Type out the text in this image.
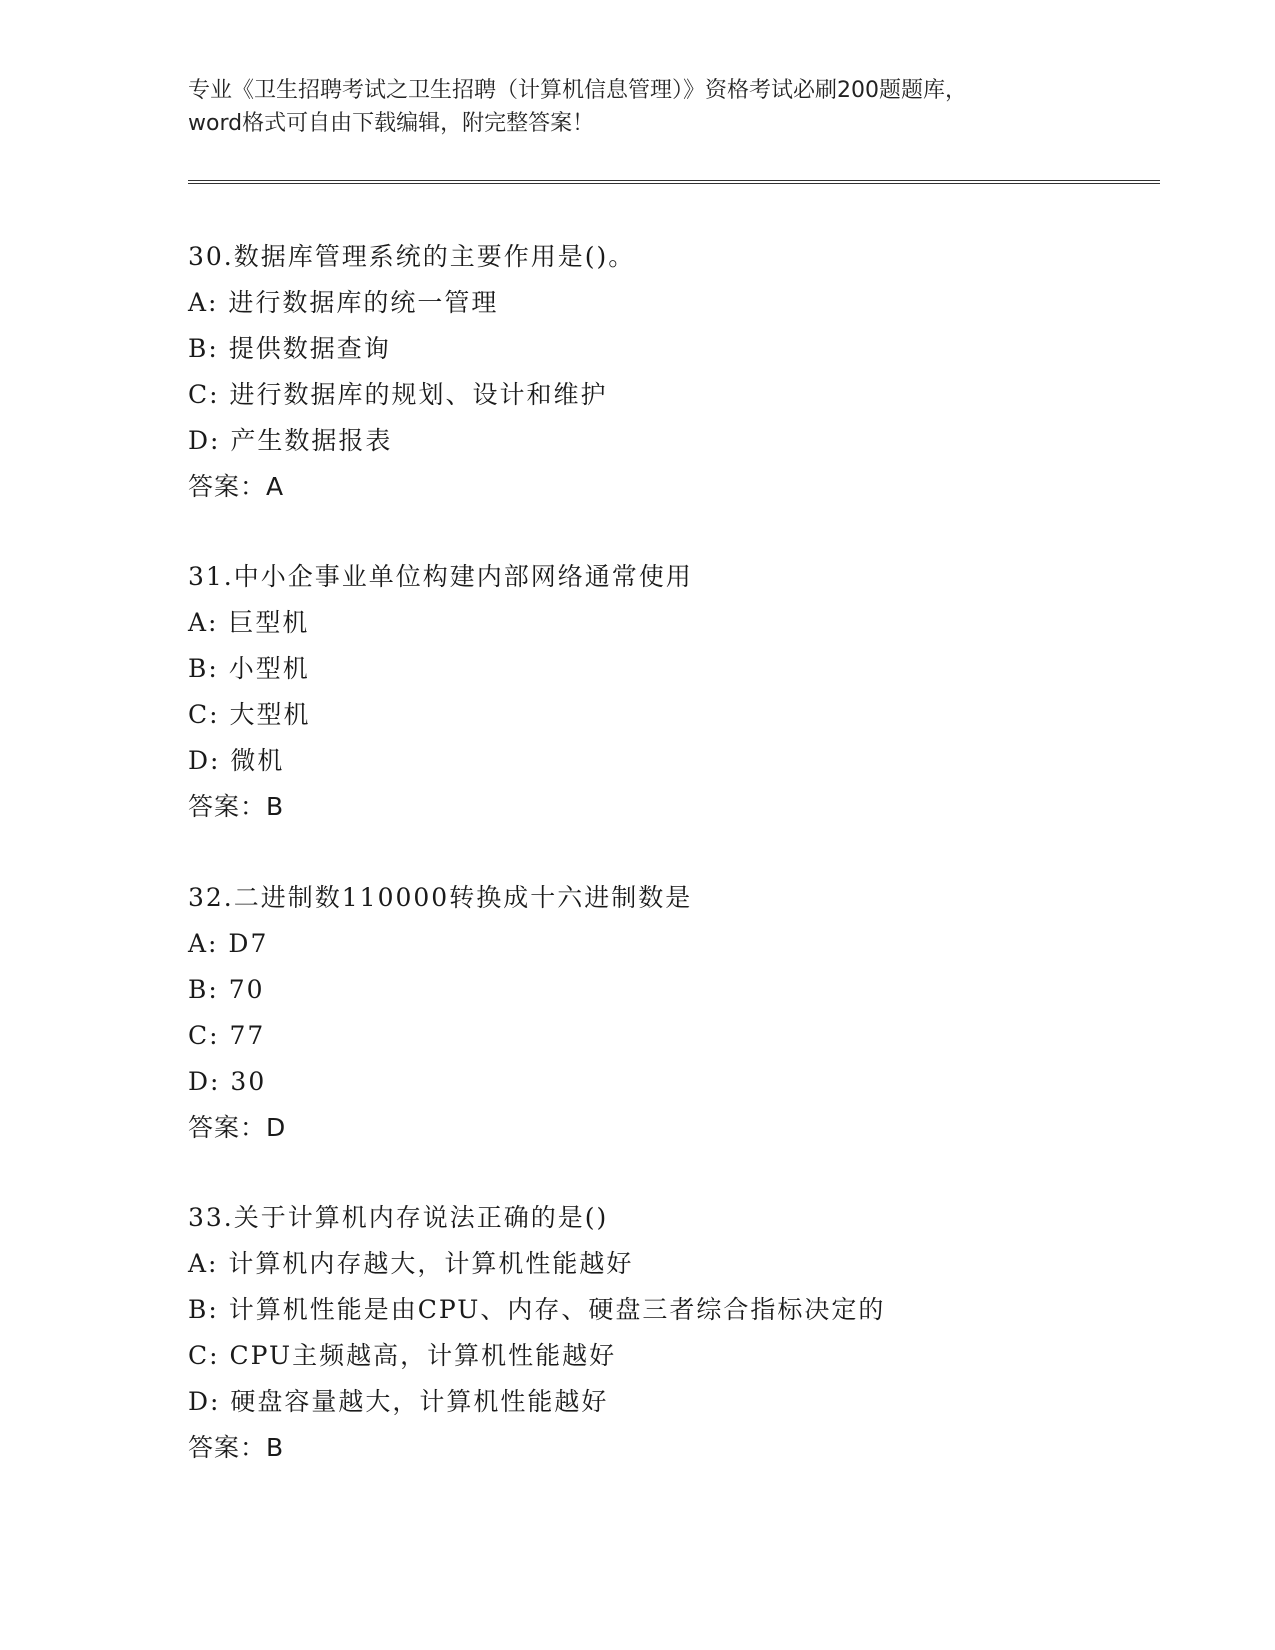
专业《卫生招聘考试之卫生招聘（计算机信息管理）》资格考试必刷200题题库，

word格式可自由下载编辑，附完整答案！

30.数据库管理系统的主要作用是()。
A: 进行数据库的统一管理
B: 提供数据查询
C: 进行数据库的规划、设计和维护
D: 产生数据报表
答案：A
31.中小企事业单位构建内部网络通常使用
A: 巨型机
B: 小型机
C: 大型机
D: 微机
答案：B
32.二进制数110000转换成十六进制数是
A: D7
B: 70
C: 77
D: 30
答案：D
33.关于计算机内存说法正确的是()
A: 计算机内存越大，计算机性能越好
B: 计算机性能是由CPU、内存、硬盘三者综合指标决定的
C: CPU主频越高，计算机性能越好
D: 硬盘容量越大，计算机性能越好
答案：B
